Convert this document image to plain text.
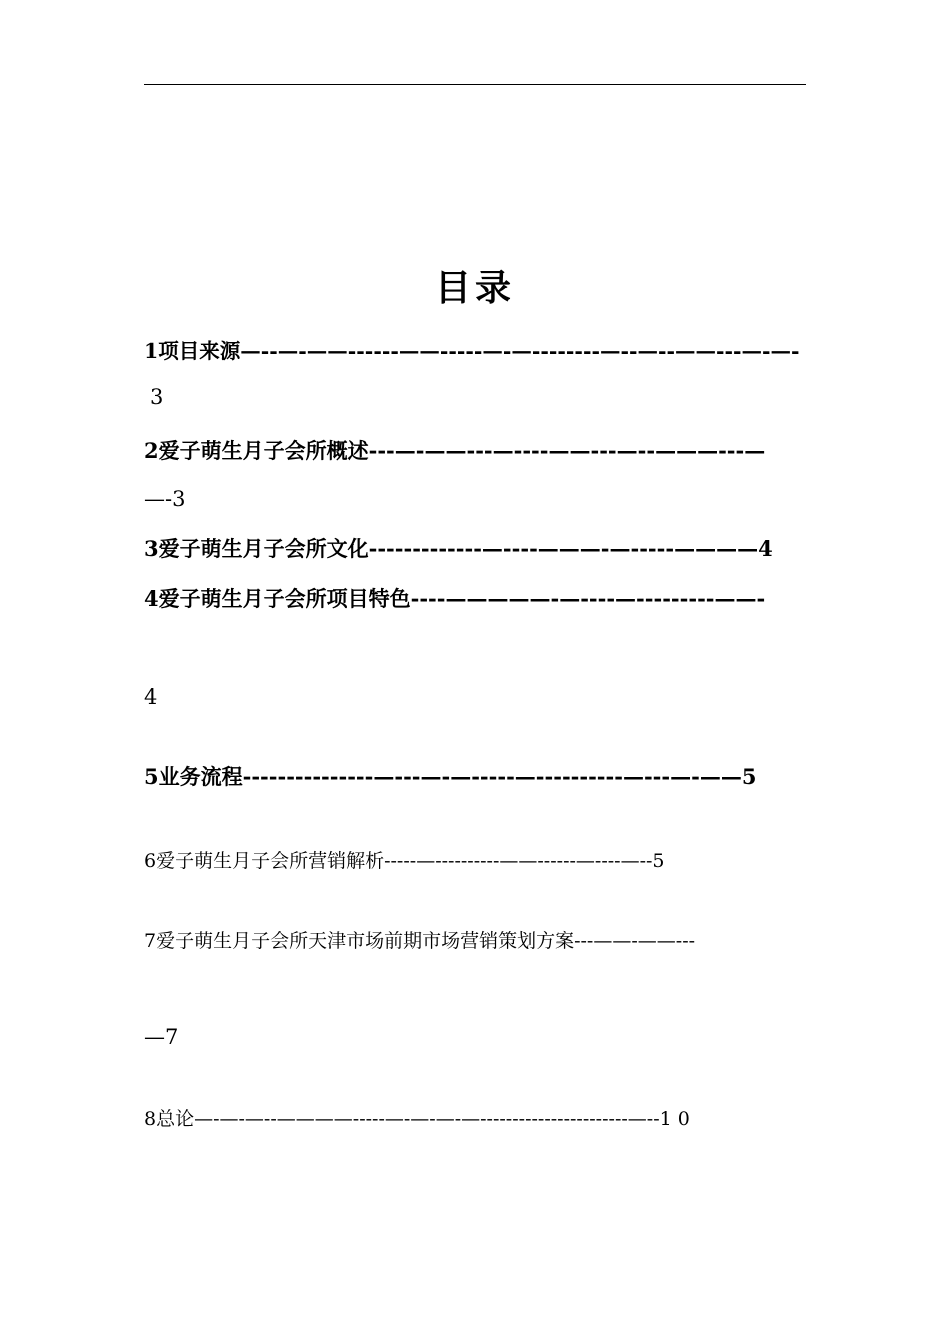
目录
1项目来源—--—-——------——-----—-—--------—--—--——---—-—-
3
2爱子萌生月子会所概述---—-——---—----——---—--———---—
—-3
3爱子萌生月子会所文化-------------—----———-—-----————4
4爱子萌生月子会所项目特色----—————-—----—---------——-
4
5业务流程---------------—---—-—-----—----------—---—-——5
6爱子萌生月子会所营销解析-----—----------——------—----—--5
7爱子萌生月子会所天津市场前期市场营销策划方案---——-——---
—7
8总论—-—-—--————-----—-—-—-—-----------------------—--1 0
